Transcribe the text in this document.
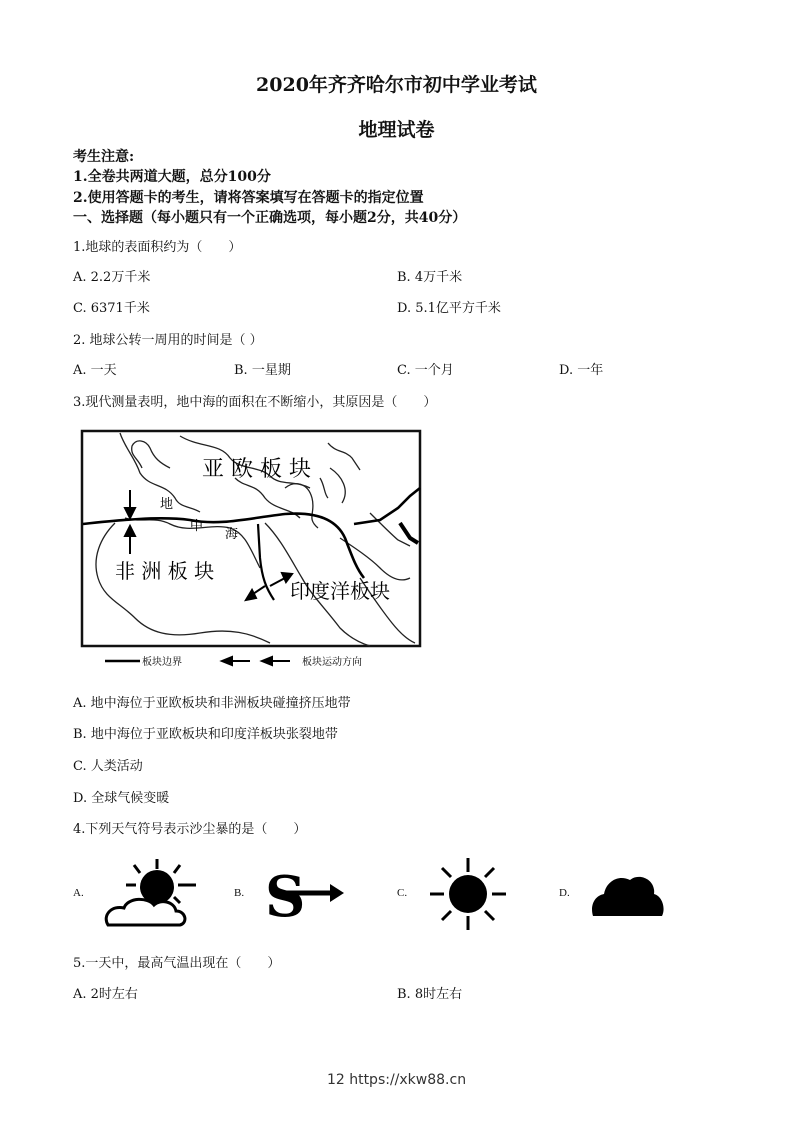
2020年齐齐哈尔市初中学业考试
地理试卷
考生注意:
1.全卷共两道大题，总分100分
2.使用答题卡的考生，请将答案填写在答题卡的指定位置
一、选择题（每小题只有一个正确选项，每小题2分，共40分）
1.地球的表面积约为（　　）
A. 2.2万千米	B. 4万千米
C. 6371千米	D. 5.1亿平方千米
2. 地球公转一周用的时间是（ ）
A. 一天	B. 一星期	C. 一个月	D. 一年
3.现代测量表明，地中海的面积在不断缩小，其原因是（　　）
亚 欧 板 块
非 洲 板 块
印度洋板块
地
中
海
板块边界	板块运动方向
A. 地中海位于亚欧板块和非洲板块碰撞挤压地带
B. 地中海位于亚欧板块和印度洋板块张裂地带
C. 人类活动
D. 全球气候变暖
4.下列天气符号表示沙尘暴的是（　　）
A.	B.	C.	D.
S
5.一天中，最高气温出现在（　　）
A. 2时左右	B. 8时左右
12 https://xkw88.cn
